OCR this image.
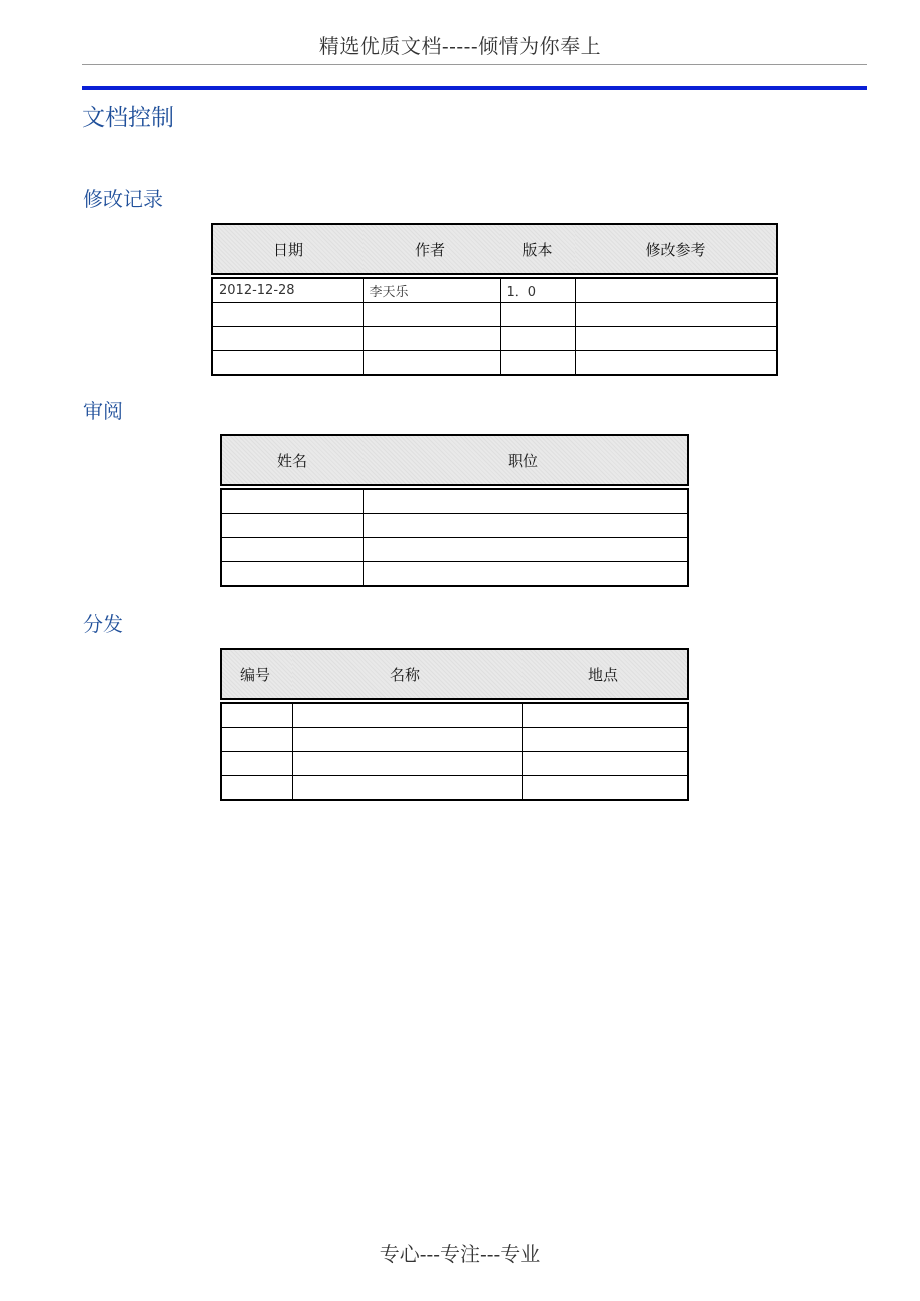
精选优质文档-----倾情为你奉上
文档控制
修改记录
日期	作者	版本	修改参考

2012-12-28	李天乐	1．0	

审阅
姓名	职位

分发
编号	名称	地点

专心---专注---专业
